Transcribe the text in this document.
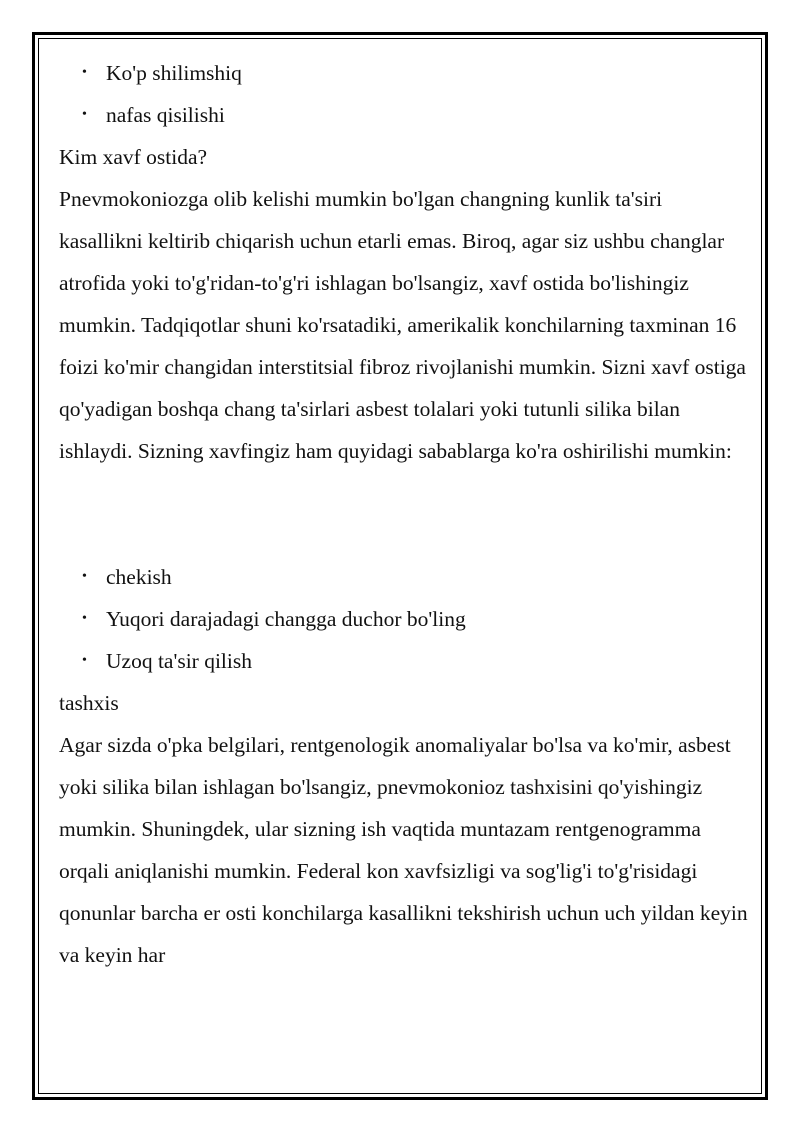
• Ko'p shilimshiq
• nafas qisilishi

Kim xavf ostida?

Pnevmokoniozga olib kelishi mumkin bo'lgan changning kunlik ta'siri kasallikni keltirib chiqarish uchun etarli emas. Biroq, agar siz ushbu changlar atrofida yoki to'g'ridan-to'g'ri ishlagan bo'lsangiz, xavf ostida bo'lishingiz mumkin. Tadqiqotlar shuni ko'rsatadiki, amerikalik konchilarning taxminan 16 foizi ko'mir changidan interstitsial fibroz rivojlanishi mumkin. Sizni xavf ostiga qo'yadigan boshqa chang ta'sirlari asbest tolalari yoki tutunli silika bilan ishlaydi. Sizning xavfingiz ham quyidagi sabablarga ko'ra oshirilishi mumkin:

• chekish
• Yuqori darajadagi changga duchor bo'ling
• Uzoq ta'sir qilish

tashxis

Agar sizda o'pka belgilari, rentgenologik anomaliyalar bo'lsa va ko'mir, asbest yoki silika bilan ishlagan bo'lsangiz, pnevmokonioz tashxisini qo'yishingiz mumkin. Shuningdek, ular sizning ish vaqtida muntazam rentgenogramma orqali aniqlanishi mumkin. Federal kon xavfsizligi va sog'lig'i to'g'risidagi qonunlar barcha er osti konchilarga kasallikni tekshirish uchun uch yildan keyin va keyin har
